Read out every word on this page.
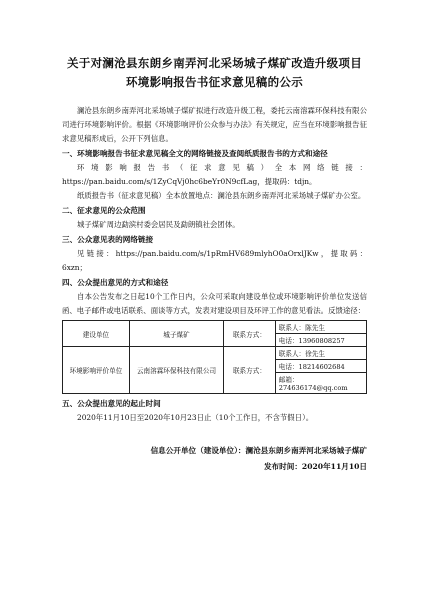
关于对澜沧县东朗乡南弄河北采场城子煤矿改造升级项目
环境影响报告书征求意见稿的公示

澜沧县东朗乡南弄河北采场城子煤矿拟进行改造升级工程，委托云南溶霖环保科技有限公司进行环境影响评价。根据《环境影响评价公众参与办法》有关规定，应当在环境影响报告征求意见稿形成后，公开下列信息。

一、环境影响报告书征求意见稿全文的网络链接及查阅纸质报告书的方式和途径
环 境 影 响 报 告 书 （ 征 求 意 见 稿 ） 全 本 网 络 链 接 ：

https://pan.baidu.com/s/1ZyCqVj0hc6beYr0N9cfLag，提取码：tdjn。

纸质报告书（征求意见稿）全本放置地点：澜沧县东朗乡南弄河北采场城子煤矿办公室。

二、征求意见的公众范围

城子煤矿周边勐滨村委会居民及勐朗镇社会团体。

三、公众意见表的网络链接

见链接：https://pan.baidu.com/s/1pRmHV689mlyhO0aOrxlJKw，提取码：6xzn；

四、公众提出意见的方式和途径

自本公告发布之日起10个工作日内，公众可采取向建设单位或环境影响评价单位发送信函、电子邮件或电话联系、面谈等方式，发表对建设项目及环评工作的意见看法。反馈途径：

建设单位	城子煤矿	联系方式：	联系人：陈先生
			电话：13960808257
环境影响评价单位	云南溶霖环保科技有限公司	联系方式：	联系人：徐先生
			电话：18214602684
			邮箱：274636174@qq.com
五、公众提出意见的起止时间

2020年11月10日至2020年10月23日止（10个工作日，不含节假日）。

信息公开单位（建设单位）：澜沧县东朗乡南弄河北采场城子煤矿
发布时间：2020年11月10日
